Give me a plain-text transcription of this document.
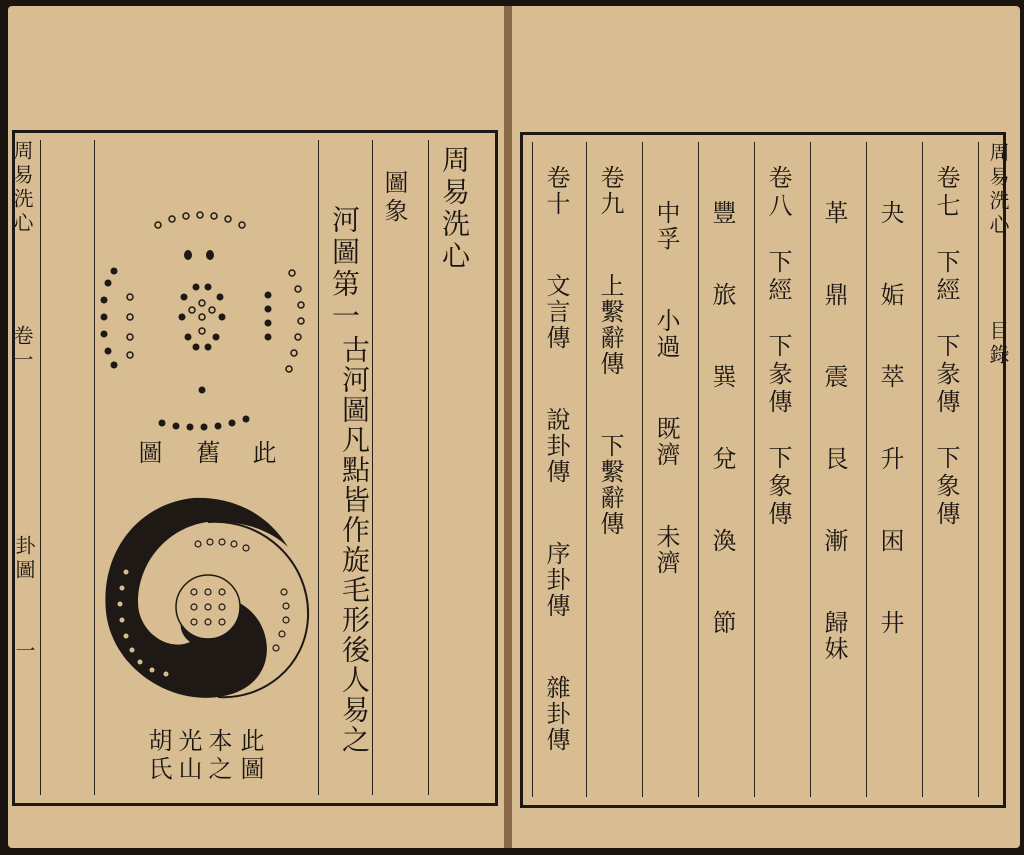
周易洗心
卷一
卦圖
一
周易洗心
圖象
河圖第一
古河圖凡點皆作旋毛形後人易之
此
舊
圖
此圖
本之
光山
胡氏
周易洗心
目錄
卷七　下經　下彖傳　下象傳
夬　 姤　 萃　 升　 困　 井
革　 鼎　 震　 艮　 漸　 歸妹
卷八　下經　下彖傳　下象傳
豐　 旅　 巽　 兌　 渙　 節
中孚　 小過　 既濟　 未濟
卷九　 上繫辭傳　 下繫辭傳
卷十　 文言傳　 說卦傳　 序卦傳　 雜卦傳
